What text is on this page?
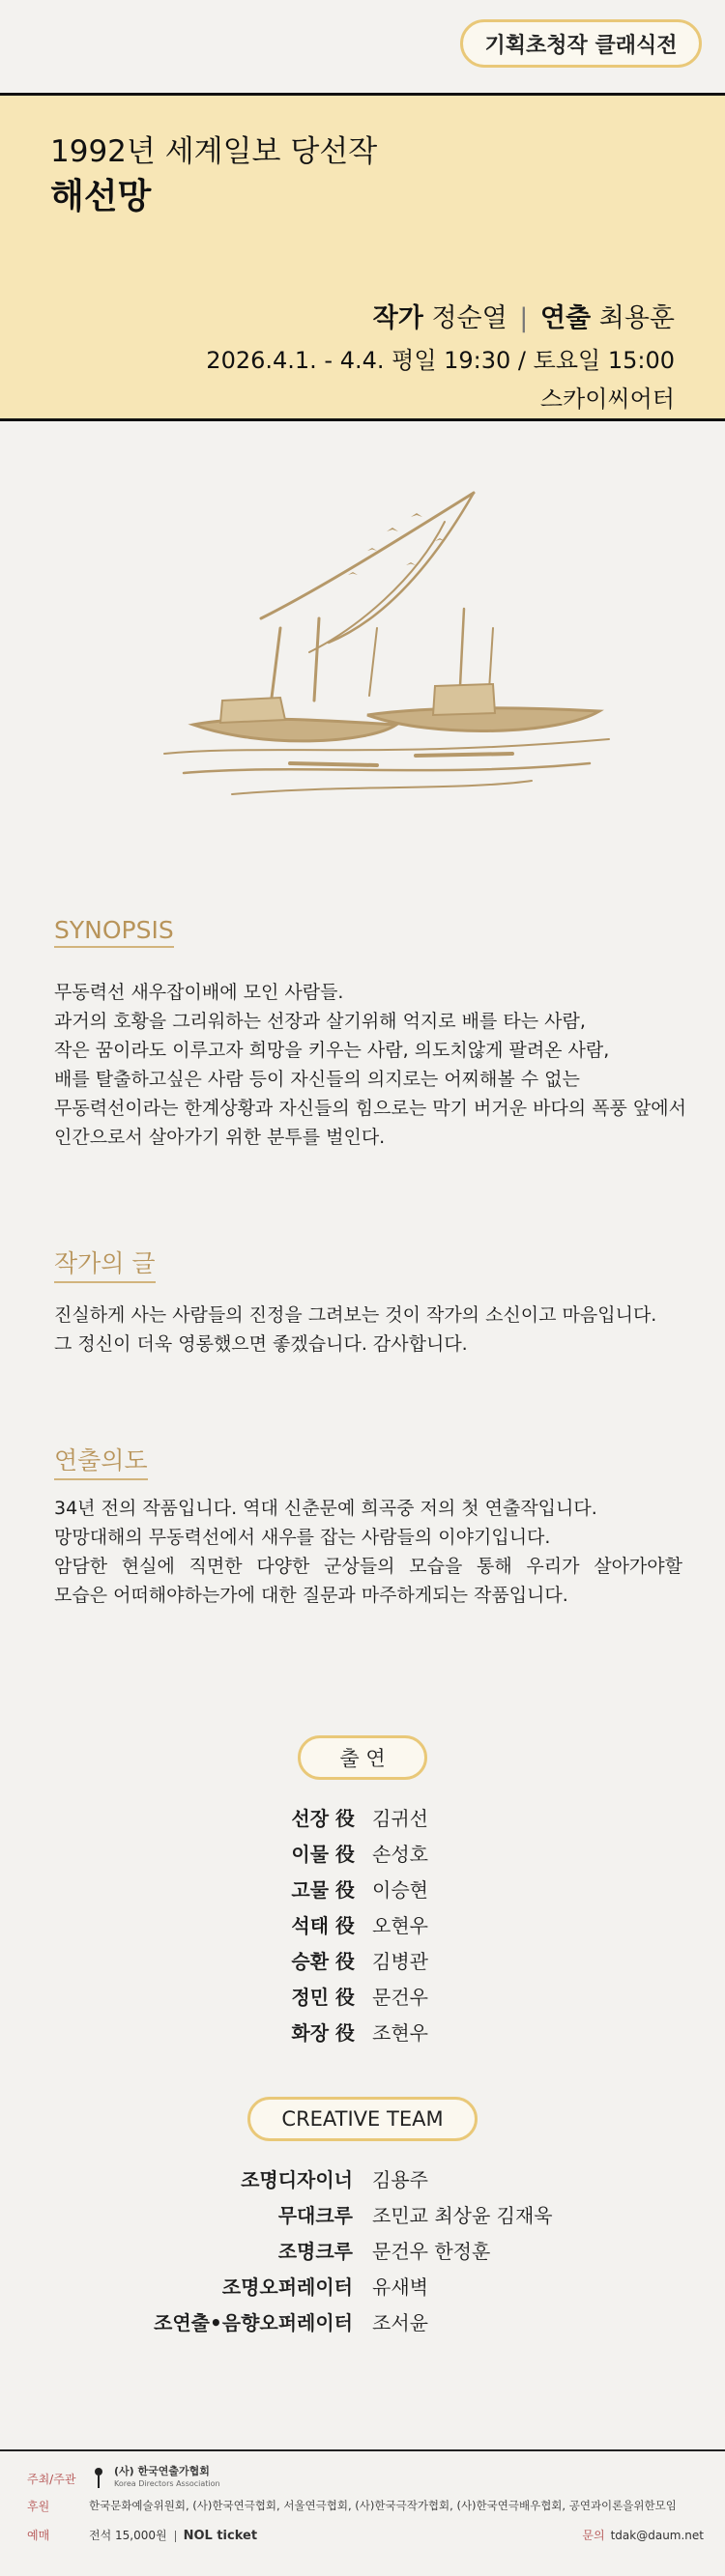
기획초청작 클래식전
1992년 세계일보 당선작
해선망
작가 정순열 | 연출 최용훈
2026.4.1. - 4.4. 평일 19:30 / 토요일 15:00
스카이씨어터
SYNOPSIS

무동력선 새우잡이배에 모인 사람들.

과거의 호황을 그리워하는 선장과 살기위해 억지로 배를 타는 사람,

작은 꿈이라도 이루고자 희망을 키우는 사람, 의도치않게 팔려온 사람,

배를 탈출하고싶은 사람 등이 자신들의 의지로는 어찌해볼 수 없는

무동력선이라는 한계상황과 자신들의 힘으로는 막기 버거운 바다의 폭풍 앞에서

인간으로서 살아가기 위한 분투를 벌인다.

작가의 글

진실하게 사는 사람들의 진정을 그려보는 것이 작가의 소신이고 마음입니다.

그 정신이 더욱 영롱했으면 좋겠습니다. 감사합니다.

연출의도

34년 전의 작품입니다. 역대 신춘문예 희곡중 저의 첫 연출작입니다.

망망대해의 무동력선에서 새우를 잡는 사람들의 이야기입니다.

암담한 현실에 직면한 다양한 군상들의 모습을 통해 우리가 살아가야할

모습은 어떠해야하는가에 대한 질문과 마주하게되는 작품입니다.

출 연
선장 役 김귀선
이물 役 손성호
고물 役 이승현
석태 役 오현우
승환 役 김병관
정민 役 문건우
화장 役 조현우
CREATIVE TEAM
조명디자이너	김용주
무대크루	조민교 최상윤 김재욱
조명크루	문건우 한정훈
조명오퍼레이터	유새벽
조연출•음향오퍼레이터	조서윤
주최/주관
(사) 한국연출가협회
Korea Directors Association
후원	한국문화예술위원회, (사)한국연극협회, 서울연극협회, (사)한국극작가협회, (사)한국연극배우협회, 공연과이론을위한모임
예매	전석 15,000원 NOL ticket	문의 tdak@daum.net
